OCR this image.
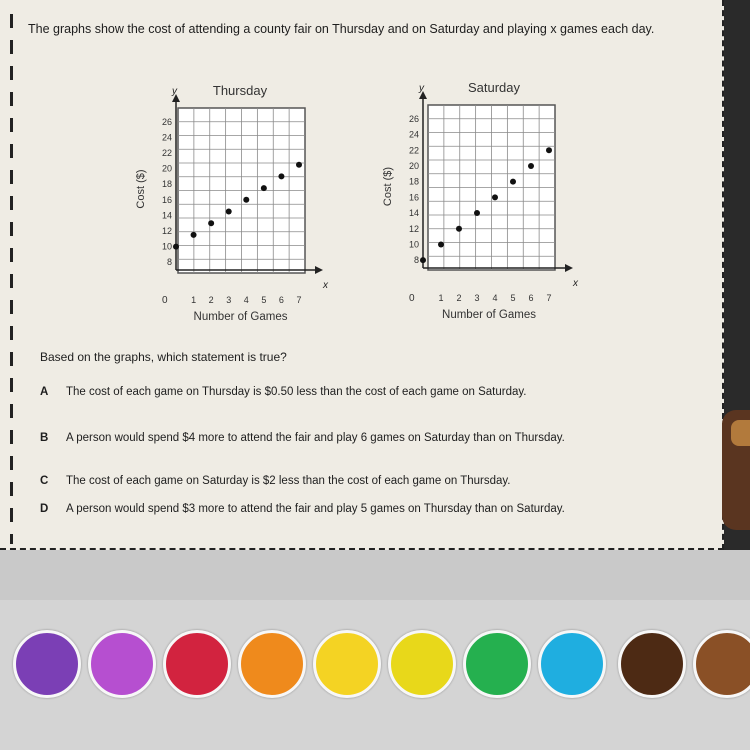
The graphs show the cost of attending a county fair on Thursday and on Saturday and playing x games each day.
x
y	Thursday
0	1 2 3 4 5 6 7
8
10
12
14
16
18
20
22
24
26
Number of Games
Cost ($)
x
y	Saturday
0	1 2 3 4 5 6 7
8
10
12
14
16
18
20
22
24
26
Number of Games
Cost ($)
Based on the graphs, which statement is true?
A The cost of each game on Thursday is $0.50 less than the cost of each game on Saturday.
B A person would spend $4 more to attend the fair and play 6 games on Saturday than on Thursday.
C The cost of each game on Saturday is $2 less than the cost of each game on Thursday.
D A person would spend $3 more to attend the fair and play 5 games on Thursday than on Saturday.
